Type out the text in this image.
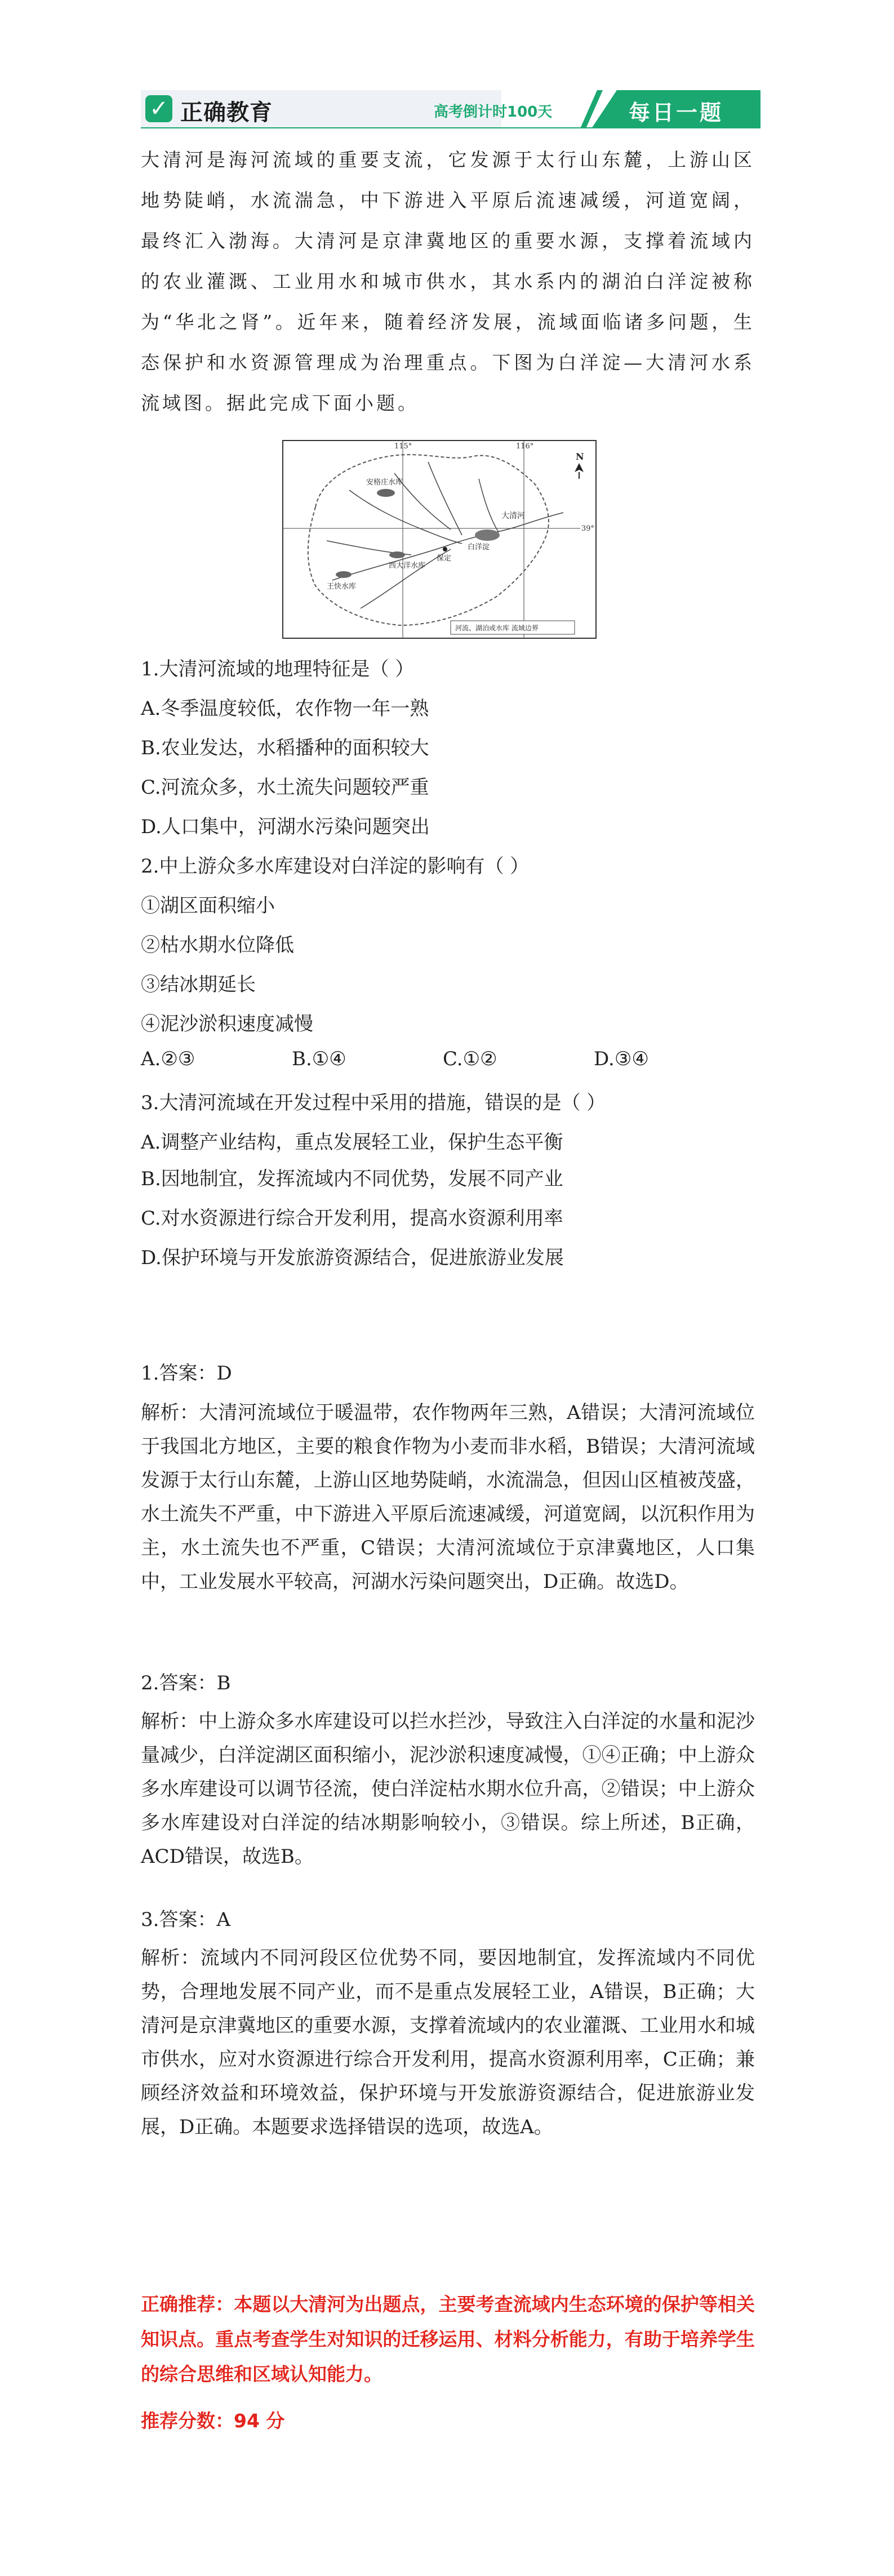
✓ 正确教育	高考倒计时100天	每日一题
大清河是海河流域的重要支流，它发源于太行山东麓，上游山区地势陡峭，水流湍急，中下游进入平原后流速减缓，河道宽阔，最终汇入渤海。大清河是京津冀地区的重要水源，支撑着流域内的农业灌溉、工业用水和城市供水，其水系内的湖泊白洋淀被称为“华北之肾”。近年来，随着经济发展，流域面临诸多问题，生态保护和水资源管理成为治理重点。下图为白洋淀—大清河水系流域图。据此完成下面小题。
115°	116°
39°
N
安格庄水库
白洋淀
大清河
西大洋水库
保定
王快水库
河流、湖泊或水库 流域边界
1.大清河流域的地理特征是（ ）
A.冬季温度较低，农作物一年一熟
B.农业发达，水稻播种的面积较大
C.河流众多，水土流失问题较严重
D.人口集中，河湖水污染问题突出
2.中上游众多水库建设对白洋淀的影响有（ ）
①湖区面积缩小
②枯水期水位降低
③结冰期延长
④泥沙淤积速度减慢
A.②③	B.①④	C.①②	D.③④
3.大清河流域在开发过程中采用的措施，错误的是（ ）
A.调整产业结构，重点发展轻工业，保护生态平衡
B.因地制宜，发挥流域内不同优势，发展不同产业
C.对水资源进行综合开发利用，提高水资源利用率
D.保护环境与开发旅游资源结合，促进旅游业发展
1.答案：D
解析：大清河流域位于暖温带，农作物两年三熟，A错误；大清河流域位于我国北方地区，主要的粮食作物为小麦而非水稻，B错误；大清河流域发源于太行山东麓，上游山区地势陡峭，水流湍急，但因山区植被茂盛，水土流失不严重，中下游进入平原后流速减缓，河道宽阔，以沉积作用为主，水土流失也不严重，C错误；大清河流域位于京津冀地区，人口集中，工业发展水平较高，河湖水污染问题突出，D正确。故选D。
2.答案：B
解析：中上游众多水库建设可以拦水拦沙，导致注入白洋淀的水量和泥沙量减少，白洋淀湖区面积缩小，泥沙淤积速度减慢，①④正确；中上游众多水库建设可以调节径流，使白洋淀枯水期水位升高，②错误；中上游众多水库建设对白洋淀的结冰期影响较小，③错误。综上所述，B正确，ACD错误，故选B。
3.答案：A
解析：流域内不同河段区位优势不同，要因地制宜，发挥流域内不同优势，合理地发展不同产业，而不是重点发展轻工业，A错误，B正确；大清河是京津冀地区的重要水源，支撑着流域内的农业灌溉、工业用水和城市供水，应对水资源进行综合开发利用，提高水资源利用率，C正确；兼顾经济效益和环境效益，保护环境与开发旅游资源结合，促进旅游业发展，D正确。本题要求选择错误的选项，故选A。
正确推荐：本题以大清河为出题点，主要考查流域内生态环境的保护等相关知识点。重点考查学生对知识的迁移运用、材料分析能力，有助于培养学生的综合思维和区域认知能力。
推荐分数：94 分
